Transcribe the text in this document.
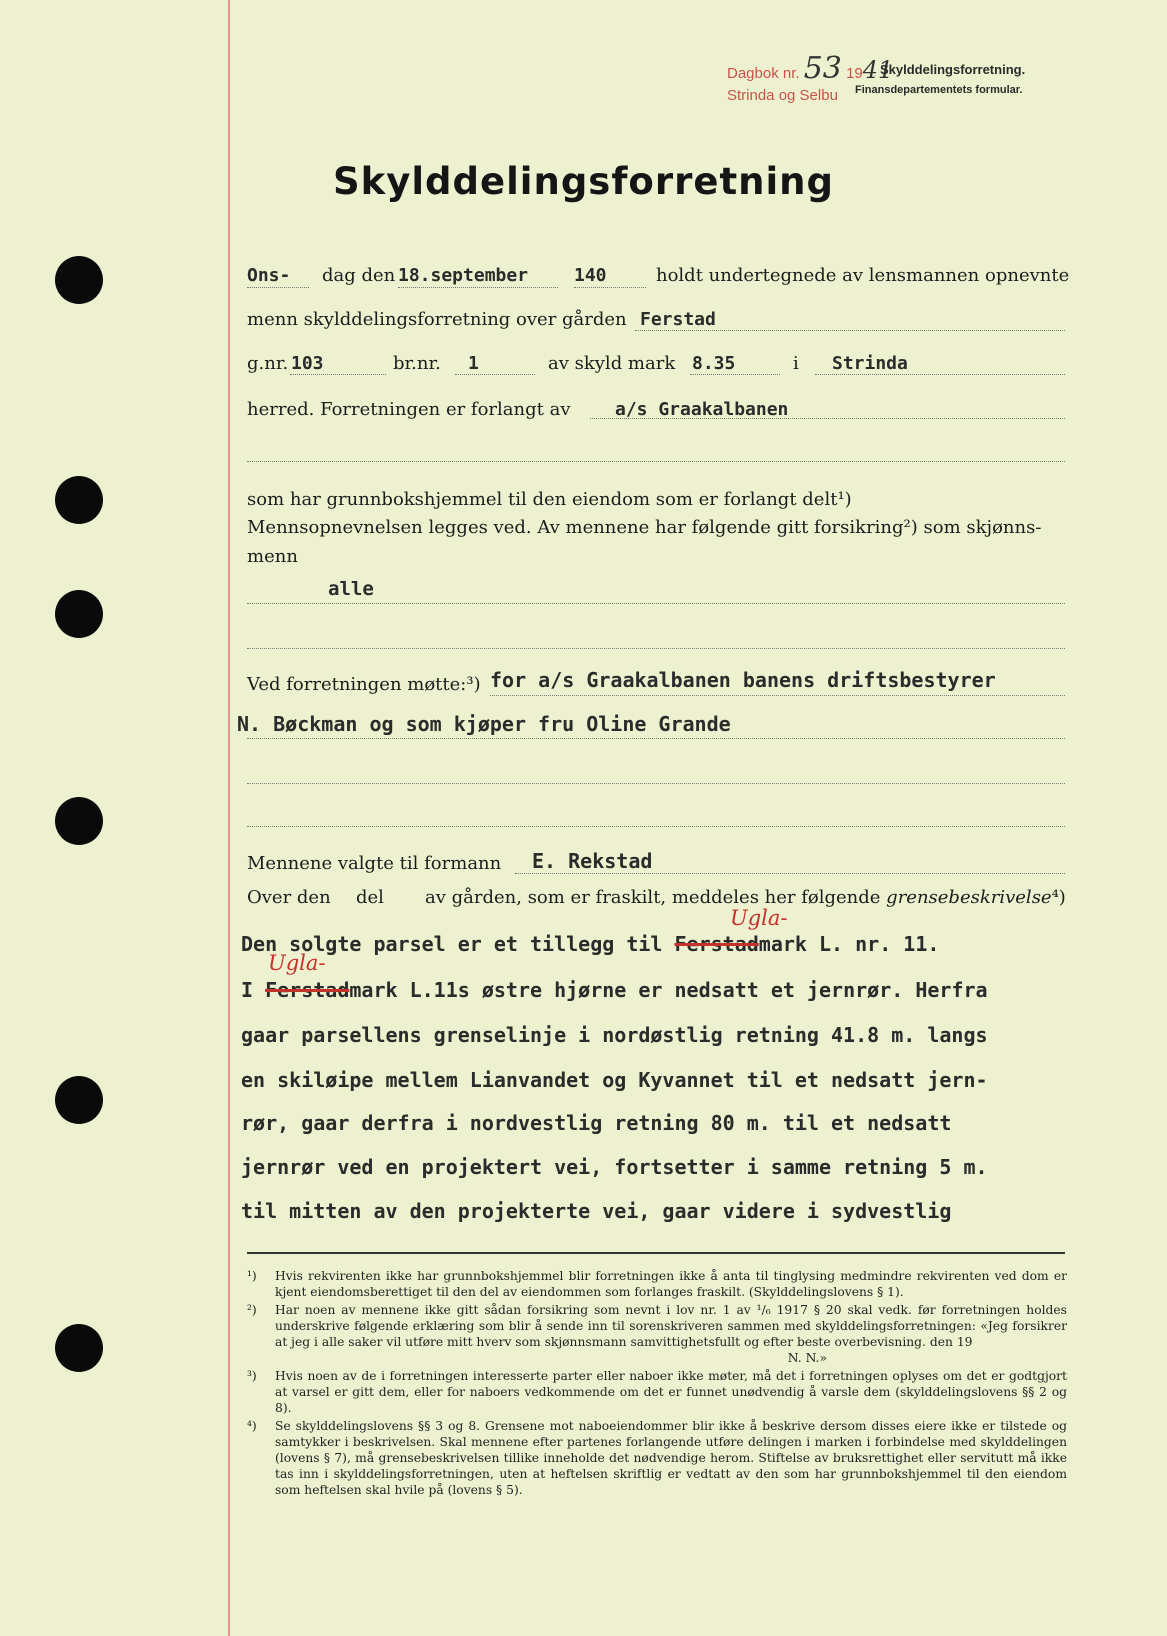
Dagbok nr. 53 1941
Strinda og Selbu
Skylddelingsforretning.
Finansdepartementets formular.
Skylddelingsforretning
Ons- dag den 18.september	140	holdt undertegnede av lensmannen opnevnte
menn skylddelingsforretning over gården Ferstad
g.nr. 103	br.nr. 1	av skyld mark 8.35	i Strinda
herred. Forretningen er forlangt av a/s Graakalbanen
som har grunnbokshjemmel til den eiendom som er forlangt delt¹)
Mennsopnevnelsen legges ved. Av mennene har følgende gitt forsikring²) som skjønns-
menn
alle
Ved forretningen møtte:³) for a/s Graakalbanen banens driftsbestyrer
N. Bøckman og som kjøper fru Oline Grande
Mennene valgte til formann E. Rekstad
Over den del av gården, som er fraskilt, meddeles her følgende grensebeskrivelse⁴)
Ugla-
Den solgte parsel er et tillegg til Ferstadmark L. nr. 11.
Ugla-
I Ferstadmark L.11s østre hjørne er nedsatt et jernrør. Herfra
gaar parsellens grenselinje i nordøstlig retning 41.8 m. langs
en skiløipe mellem Lianvandet og Kyvannet til et nedsatt jern-
rør, gaar derfra i nordvestlig retning 80 m. til et nedsatt
jernrør ved en projektert vei, fortsetter i samme retning 5 m.
til mitten av den projekterte vei, gaar videre i sydvestlig
¹)	Hvis rekvirenten ikke har grunnbokshjemmel blir forretningen ikke å anta til tinglysing medmindre rekvirenten ved dom er kjent eiendomsberettiget til den del av eiendommen som forlanges fraskilt. (Skylddelingslovens § 1).
²)	Har noen av mennene ikke gitt sådan forsikring som nevnt i lov nr. 1 av ¹/₆ 1917 § 20 skal vedk. før forretningen holdes underskrive følgende erklæring som blir å sende inn til sorenskriveren sammen med skylddelingsforretningen: «Jeg forsikrer at jeg i alle saker vil utføre mitt hverv som skjønnsmann samvittighetsfullt og efter beste overbevisning. den 19
N. N.»
³)	Hvis noen av de i forretningen interesserte parter eller naboer ikke møter, må det i forretningen oplyses om det er godtgjort at varsel er gitt dem, eller for naboers vedkommende om det er funnet unødvendig å varsle dem (skylddelingslovens §§ 2 og 8).
⁴)	Se skylddelingslovens §§ 3 og 8. Grensene mot naboeiendommer blir ikke å beskrive dersom disses eiere ikke er tilstede og samtykker i beskrivelsen. Skal mennene efter partenes forlangende utføre delingen i marken i forbindelse med skylddelingen (lovens § 7), må grensebeskrivelsen tillike inneholde det nødvendige herom. Stiftelse av bruksrettighet eller servitutt må ikke tas inn i skylddelingsforretningen, uten at heftelsen skriftlig er vedtatt av den som har grunnbokshjemmel til den eiendom som heftelsen skal hvile på (lovens § 5).
